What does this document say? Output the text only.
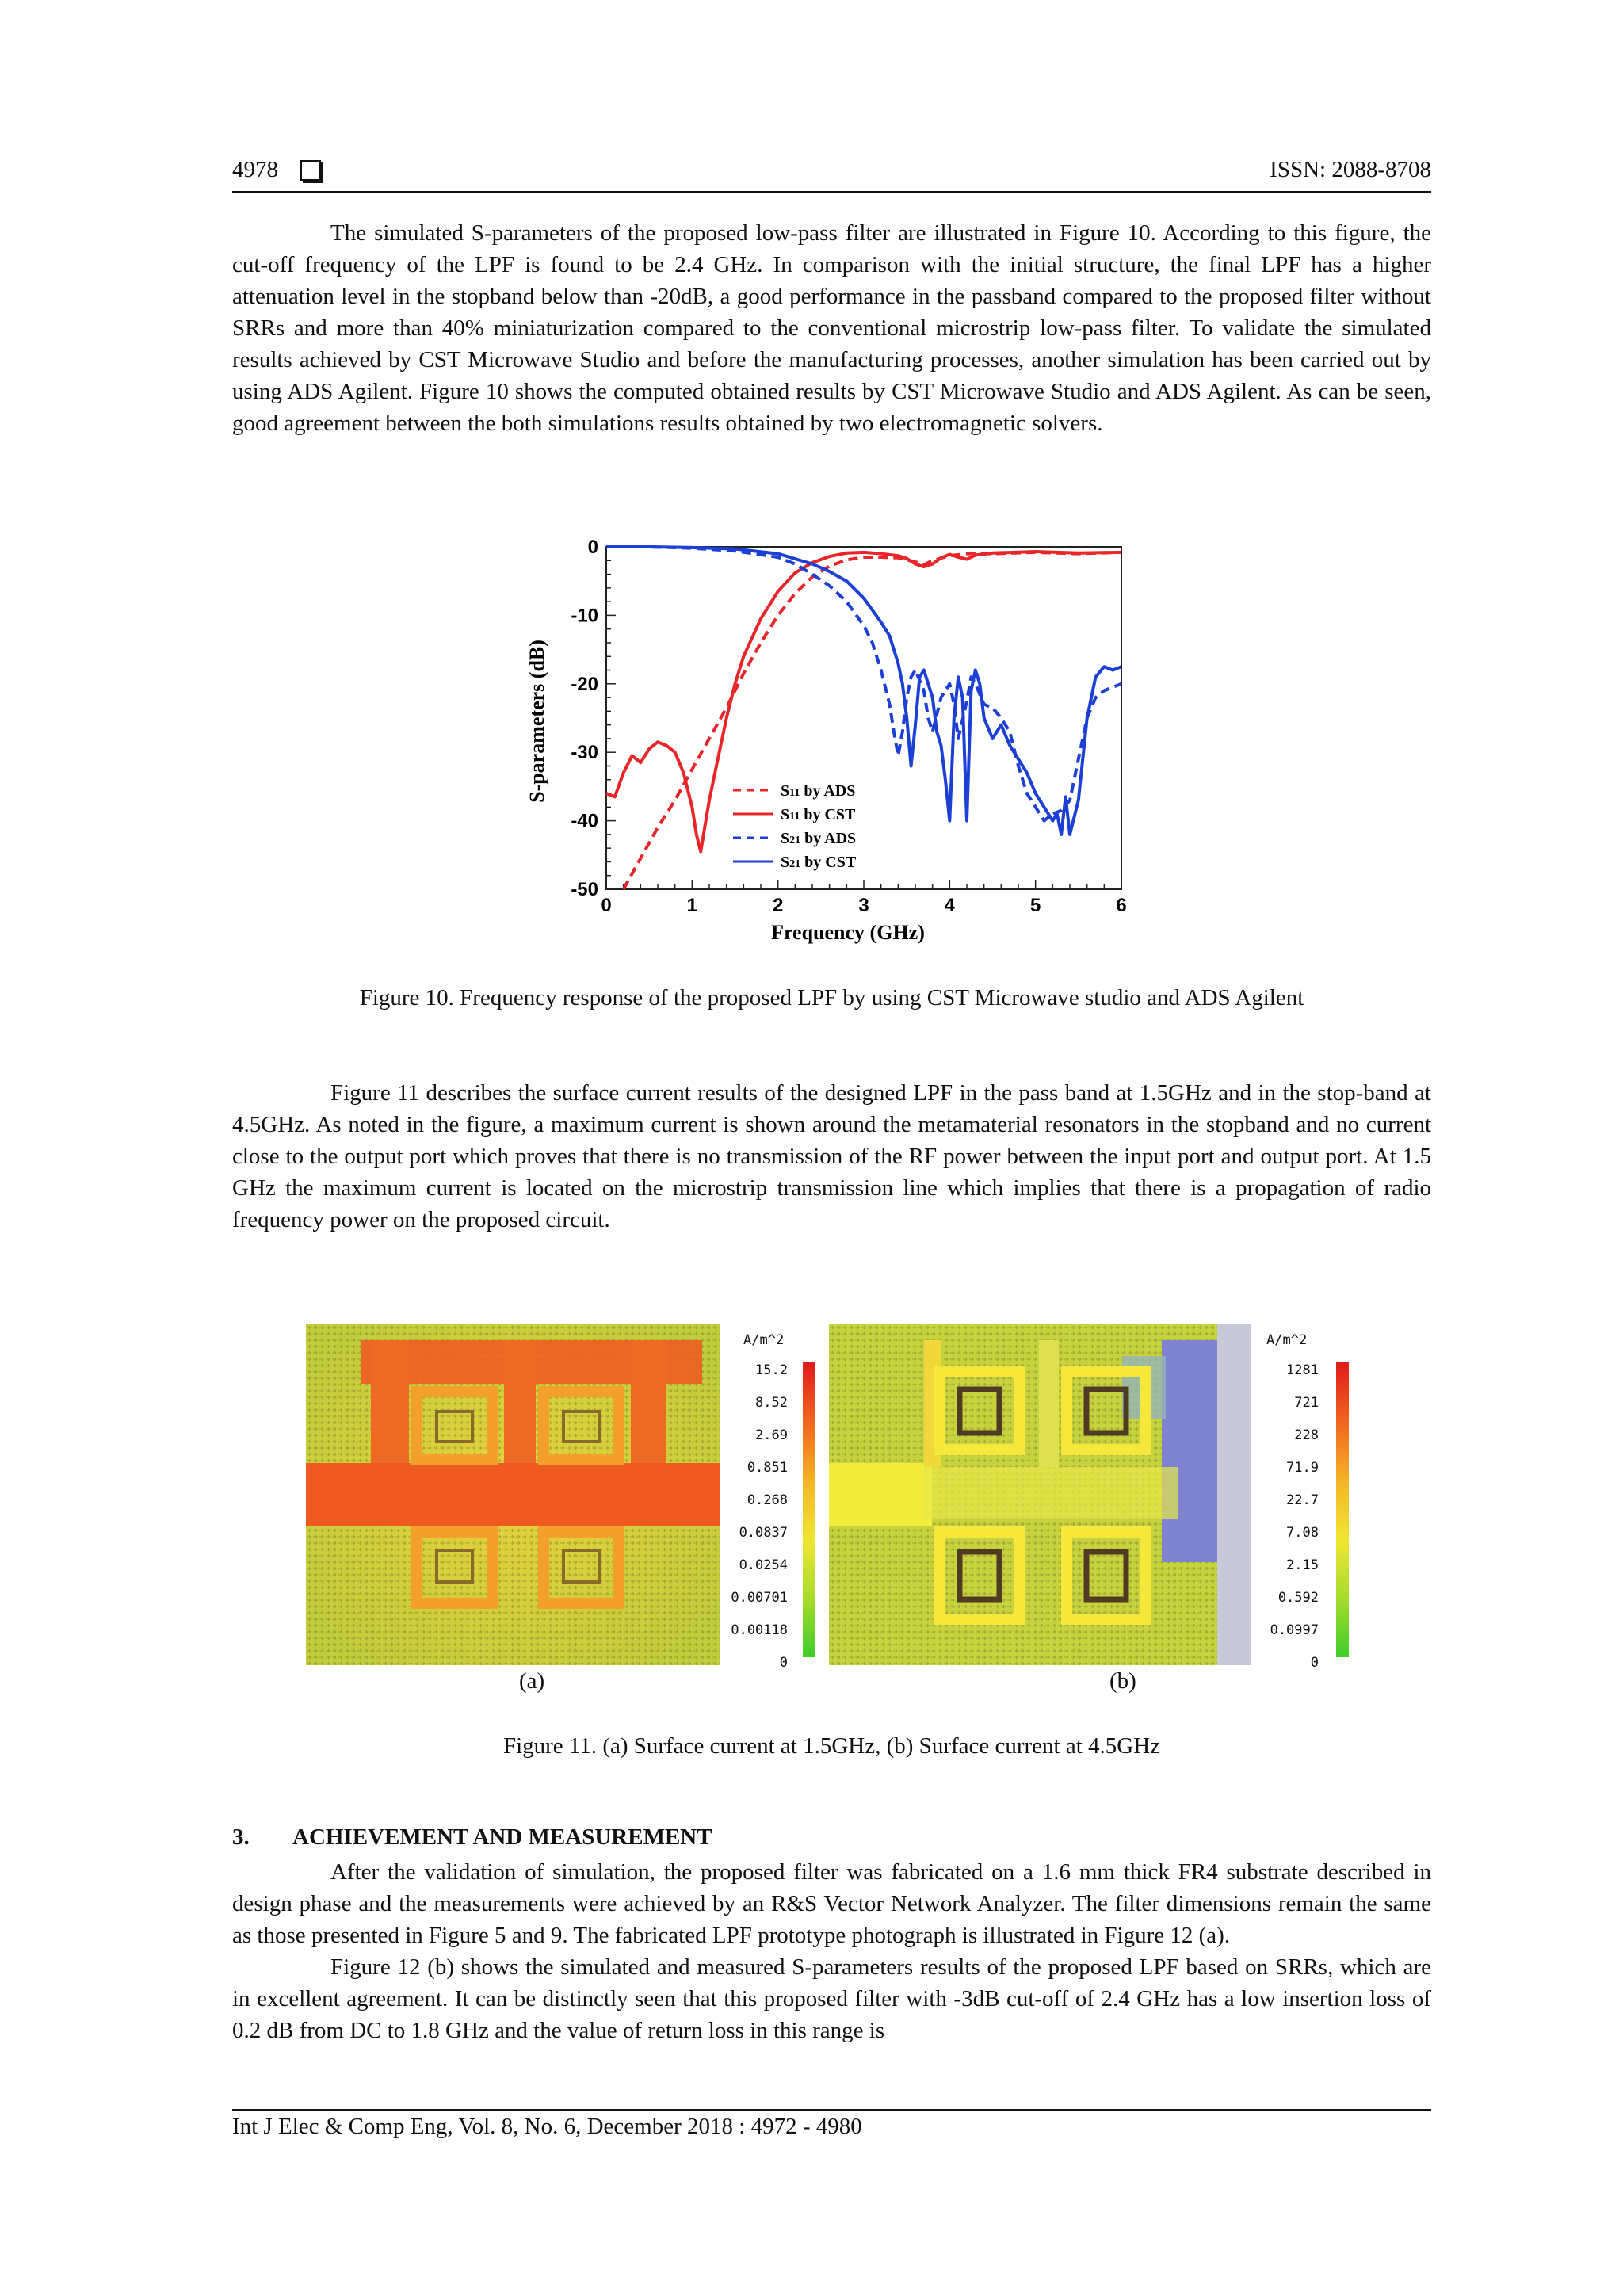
4978	ISSN: 2088-8708

The simulated S-parameters of the proposed low-pass filter are illustrated in Figure 10. According to this figure, the cut-off frequency of the LPF is found to be 2.4 GHz. In comparison with the initial structure, the final LPF has a higher attenuation level in the stopband below than -20dB, a good performance in the passband compared to the proposed filter without SRRs and more than 40% miniaturization compared to the conventional microstrip low-pass filter. To validate the simulated results achieved by CST Microwave Studio and before the manufacturing processes, another simulation has been carried out by using ADS Agilent. Figure 10 shows the computed obtained results by CST Microwave Studio and ADS Agilent. As can be seen, good agreement between the both simulations results obtained by two electromagnetic solvers.

0	1	2	3	4	5	6
0
-10
-20
-30
-40
-50
S11 by ADS
S11 by CST
S21 by ADS
S21 by CST
S-parameters (dB)
Frequency (GHz)
Figure 10. Frequency response of the proposed LPF by using CST Microwave studio and ADS Agilent

Figure 11 describes the surface current results of the designed LPF in the pass band at 1.5GHz and in the stop-band at 4.5GHz. As noted in the figure, a maximum current is shown around the metamaterial resonators in the stopband and no current close to the output port which proves that there is no transmission of the RF power between the input port and output port. At 1.5 GHz the maximum current is located on the microstrip transmission line which implies that there is a propagation of radio frequency power on the proposed circuit.

A/m^2
15.2
8.52
2.69
0.851
0.268
0.0837
0.0254
0.00701
0.00118
0
A/m^2
1281
721
228
71.9
22.7
7.08
2.15
0.592
0.0997
0
(a)	(b)
Figure 11. (a) Surface current at 1.5GHz, (b) Surface current at 4.5GHz
3. ACHIEVEMENT AND MEASUREMENT

After the validation of simulation, the proposed filter was fabricated on a 1.6 mm thick FR4 substrate described in design phase and the measurements were achieved by an R&S Vector Network Analyzer. The filter dimensions remain the same as those presented in Figure 5 and 9. The fabricated LPF prototype photograph is illustrated in Figure 12 (a).

Figure 12 (b) shows the simulated and measured S-parameters results of the proposed LPF based on SRRs, which are in excellent agreement. It can be distinctly seen that this proposed filter with -3dB cut-off of 2.4 GHz has a low insertion loss of 0.2 dB from DC to 1.8 GHz and the value of return loss in this range is

Int J Elec & Comp Eng, Vol. 8, No. 6, December 2018 : 4972 - 4980
